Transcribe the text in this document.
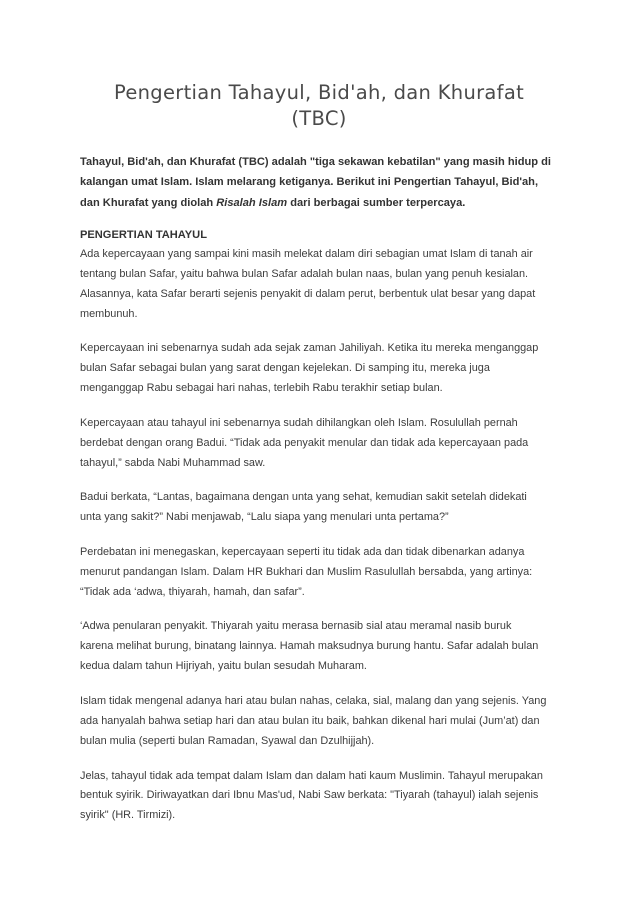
Pengertian Tahayul, Bid'ah, dan Khurafat
(TBC)

Tahayul, Bid'ah, dan Khurafat (TBC) adalah "tiga sekawan kebatilan" yang masih hidup di
kalangan umat Islam. Islam melarang ketiganya. Berikut ini Pengertian Tahayul, Bid'ah,
dan Khurafat yang diolah Risalah Islam dari berbagai sumber terpercaya.

PENGERTIAN TAHAYUL

Ada kepercayaan yang sampai kini masih melekat dalam diri sebagian umat Islam di tanah air
tentang bulan Safar, yaitu bahwa bulan Safar adalah bulan naas, bulan yang penuh kesialan.
Alasannya, kata Safar berarti sejenis penyakit di dalam perut, berbentuk ulat besar yang dapat
membunuh.

Kepercayaan ini sebenarnya sudah ada sejak zaman Jahiliyah. Ketika itu mereka menganggap
bulan Safar sebagai bulan yang sarat dengan kejelekan. Di samping itu, mereka juga
menganggap Rabu sebagai hari nahas, terlebih Rabu terakhir setiap bulan.

Kepercayaan atau tahayul ini sebenarnya sudah dihilangkan oleh Islam. Rosulullah pernah
berdebat dengan orang Badui. “Tidak ada penyakit menular dan tidak ada kepercayaan pada
tahayul,” sabda Nabi Muhammad saw.

Badui berkata, “Lantas, bagaimana dengan unta yang sehat, kemudian sakit setelah didekati
unta yang sakit?” Nabi menjawab, “Lalu siapa yang menulari unta pertama?”

Perdebatan ini menegaskan, kepercayaan seperti itu tidak ada dan tidak dibenarkan adanya
menurut pandangan Islam. Dalam HR Bukhari dan Muslim Rasulullah bersabda, yang artinya:
“Tidak ada ‘adwa, thiyarah, hamah, dan safar”.

‘Adwa penularan penyakit. Thiyarah yaitu merasa bernasib sial atau meramal nasib buruk
karena melihat burung, binatang lainnya. Hamah maksudnya burung hantu. Safar adalah bulan
kedua dalam tahun Hijriyah, yaitu bulan sesudah Muharam.

Islam tidak mengenal adanya hari atau bulan nahas, celaka, sial, malang dan yang sejenis. Yang
ada hanyalah bahwa setiap hari dan atau bulan itu baik, bahkan dikenal hari mulai (Jum’at) dan
bulan mulia (seperti bulan Ramadan, Syawal dan Dzulhijjah).

Jelas, tahayul tidak ada tempat dalam Islam dan dalam hati kaum Muslimin. Tahayul merupakan
bentuk syirik. Diriwayatkan dari Ibnu Mas'ud, Nabi Saw berkata: "Tiyarah (tahayul) ialah sejenis
syirik" (HR. Tirmizi).
